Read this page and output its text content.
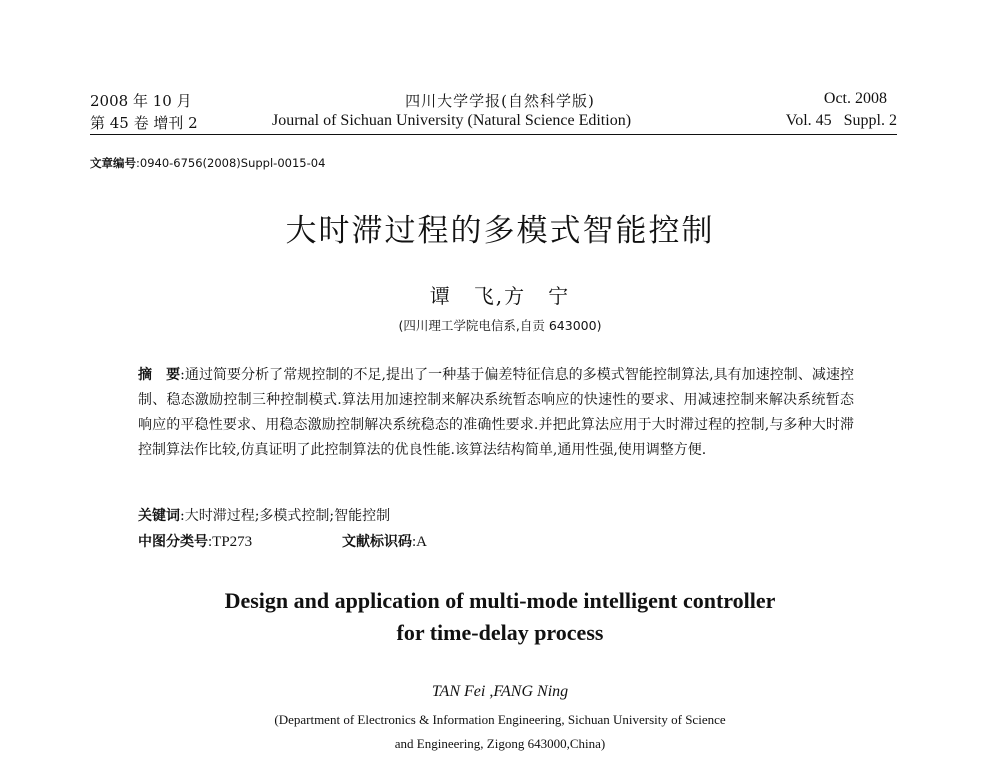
2008 年 10 月	四川大学学报(自然科学版)	Oct. 2008
第 45 卷 增刊 2	Journal of Sichuan University (Natural Science Edition)	Vol. 45   Suppl. 2
文章编号:0940-6756(2008)Suppl-0015-04
大时滞过程的多模式智能控制
谭　飞,方　宁
(四川理工学院电信系,自贡 643000)
摘　要:通过简要分析了常规控制的不足,提出了一种基于偏差特征信息的多模式智能控制算法,具有加速控制、减速控制、稳态激励控制三种控制模式.算法用加速控制来解决系统暂态响应的快速性的要求、用减速控制来解决系统暂态响应的平稳性要求、用稳态激励控制解决系统稳态的准确性要求.并把此算法应用于大时滞过程的控制,与多种大时滞控制算法作比较,仿真证明了此控制算法的优良性能.该算法结构简单,通用性强,使用调整方便.
关键词:大时滞过程;多模式控制;智能控制
中图分类号:TP273	文献标识码:A
Design and application of multi-mode intelligent controller
for time-delay process
TAN Fei ,FANG Ning
(Department of Electronics & Information Engineering, Sichuan University of Science
and Engineering, Zigong 643000,China)
